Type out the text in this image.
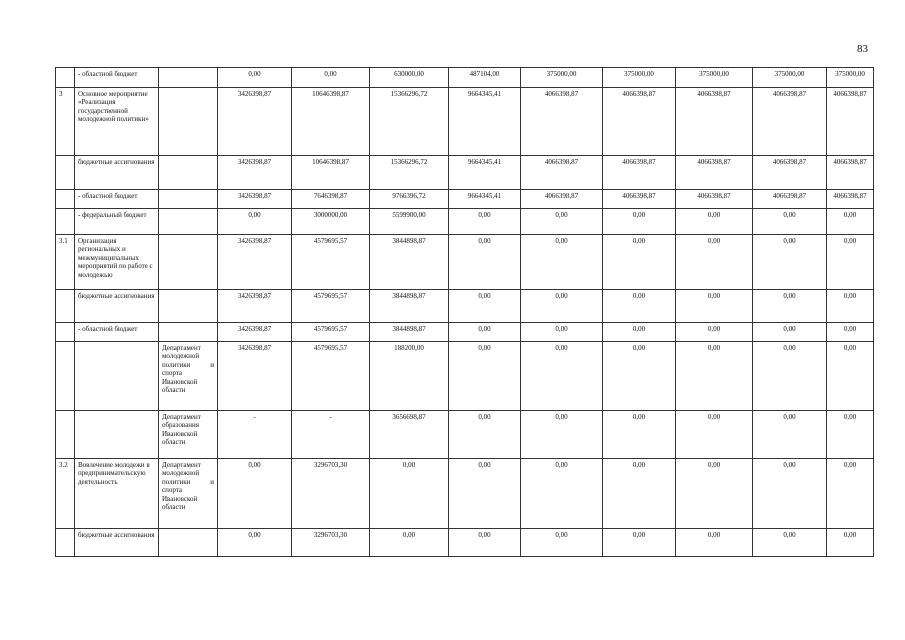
83
	- областной бюджет		0,00	0,00	630000,00	487104,00	375000,00	375000,00	375000,00	375000,00	375000,00
3	Основное мероприятие «Реализация государственной молодежной политики»		3426398,87	10646398,87	15366296,72	9664345,41	4066398,87	4066398,87	4066398,87	4066398,87	4066398,87
	бюджетные ассигнования		3426398,87	10646398,87	15366296,72	9664345,41	4066398,87	4066398,87	4066398,87	4066398,87	4066398,87
	- областной бюджет		3426398,87	7646398,87	9766396,72	9664345,41	4066398,87	4066398,87	4066398,87	4066398,87	4066398,87
	- федеральный бюджет		0,00	3000000,00	5599900,00	0,00	0,00	0,00	0,00	0,00	0,00
3.1	Организация региональных и межмуниципальных мероприятий по работе с молодежью		3426398,87	4579695,57	3844898,87	0,00	0,00	0,00	0,00	0,00	0,00
	бюджетные ассигнования		3426398,87	4579695,57	3844898,87	0,00	0,00	0,00	0,00	0,00	0,00
	- областной бюджет		3426398,87	4579695,57	3844898,87	0,00	0,00	0,00	0,00	0,00	0,00
		Департамент молодежной политики и спорта Ивановской области	3426398,87	4579695,57	188200,00	0,00	0,00	0,00	0,00	0,00	0,00
		Департамент образования Ивановской области	-	-	3656698,87	0,00	0,00	0,00	0,00	0,00	0,00
3.2	Вовлечение молодежи в предпринимательскую деятельность	Департамент молодежной политики и спорта Ивановской области	0,00	3296703,30	0,00	0,00	0,00	0,00	0,00	0,00	0,00
	бюджетные ассигнования		0,00	3296703,30	0,00	0,00	0,00	0,00	0,00	0,00	0,00
